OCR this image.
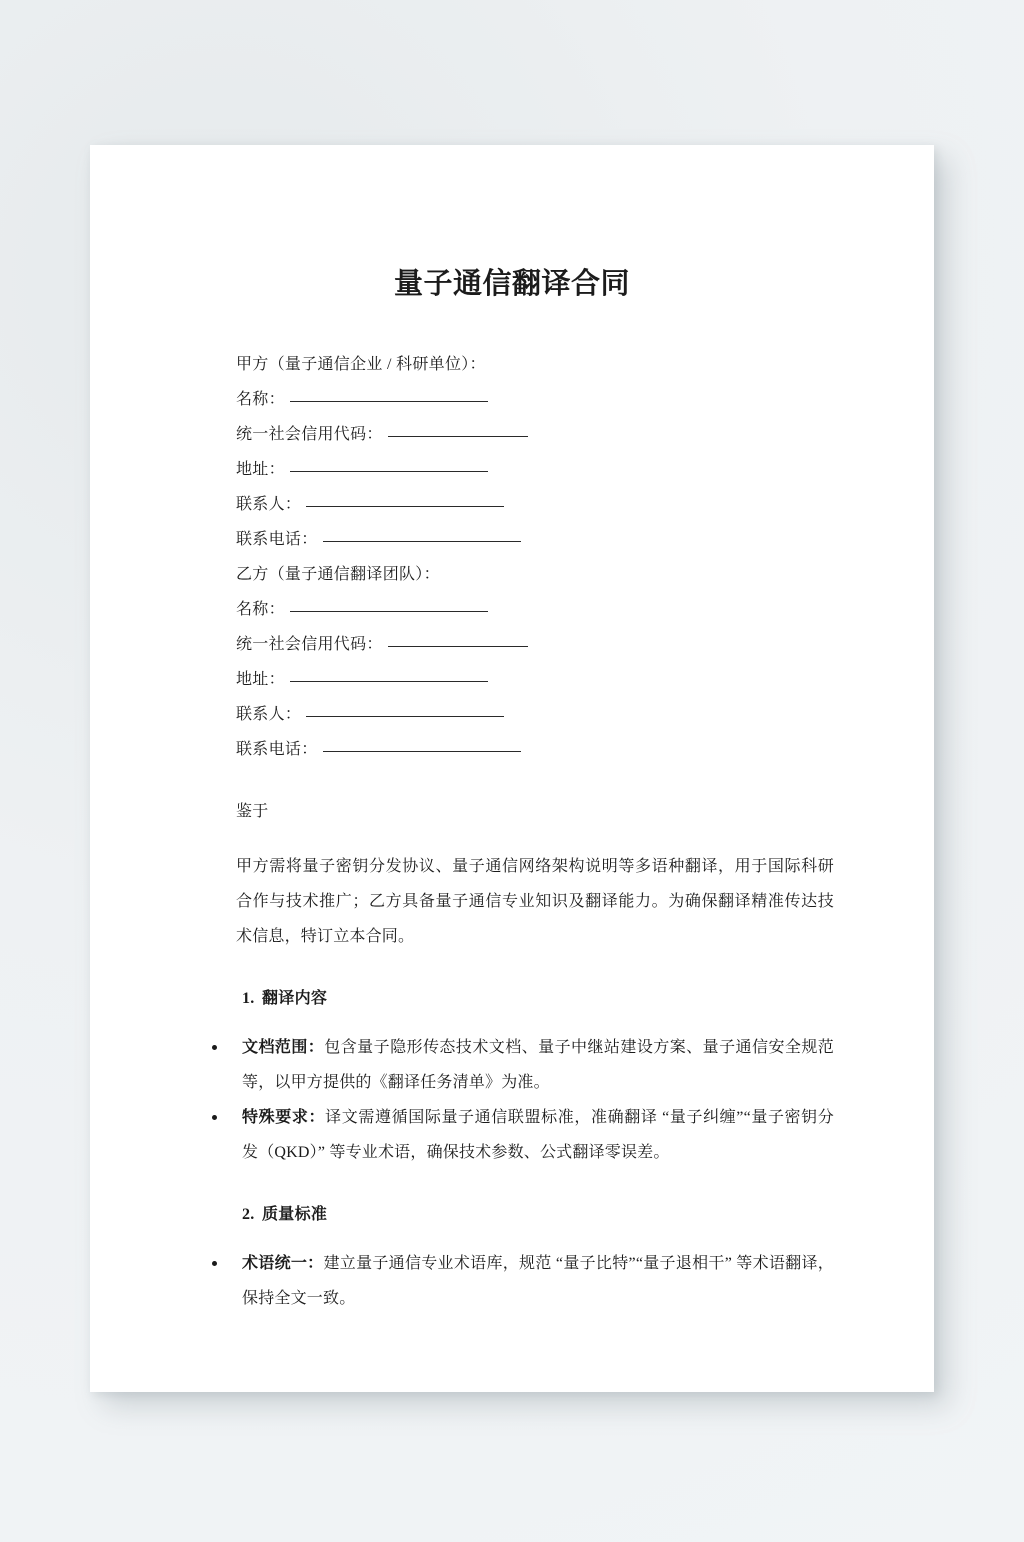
量子通信翻译合同
甲方（量子通信企业 / 科研单位）：
名称：
统一社会信用代码：
地址：
联系人：
联系电话：
乙方（量子通信翻译团队）：
名称：
统一社会信用代码：
地址：
联系人：
联系电话：
鉴于

甲方需将量子密钥分发协议、量子通信网络架构说明等多语种翻译，用于国际科研合作与技术推广；乙方具备量子通信专业知识及翻译能力。为确保翻译精准传达技术信息，特订立本合同。

1. 翻译内容
文档范围：包含量子隐形传态技术文档、量子中继站建设方案、量子通信安全规范等，以甲方提供的《翻译任务清单》为准。
特殊要求：译文需遵循国际量子通信联盟标准，准确翻译 “量子纠缠”“量子密钥分发（QKD）” 等专业术语，确保技术参数、公式翻译零误差。
2. 质量标准
术语统一：建立量子通信专业术语库，规范 “量子比特”“量子退相干” 等术语翻译，保持全文一致。
